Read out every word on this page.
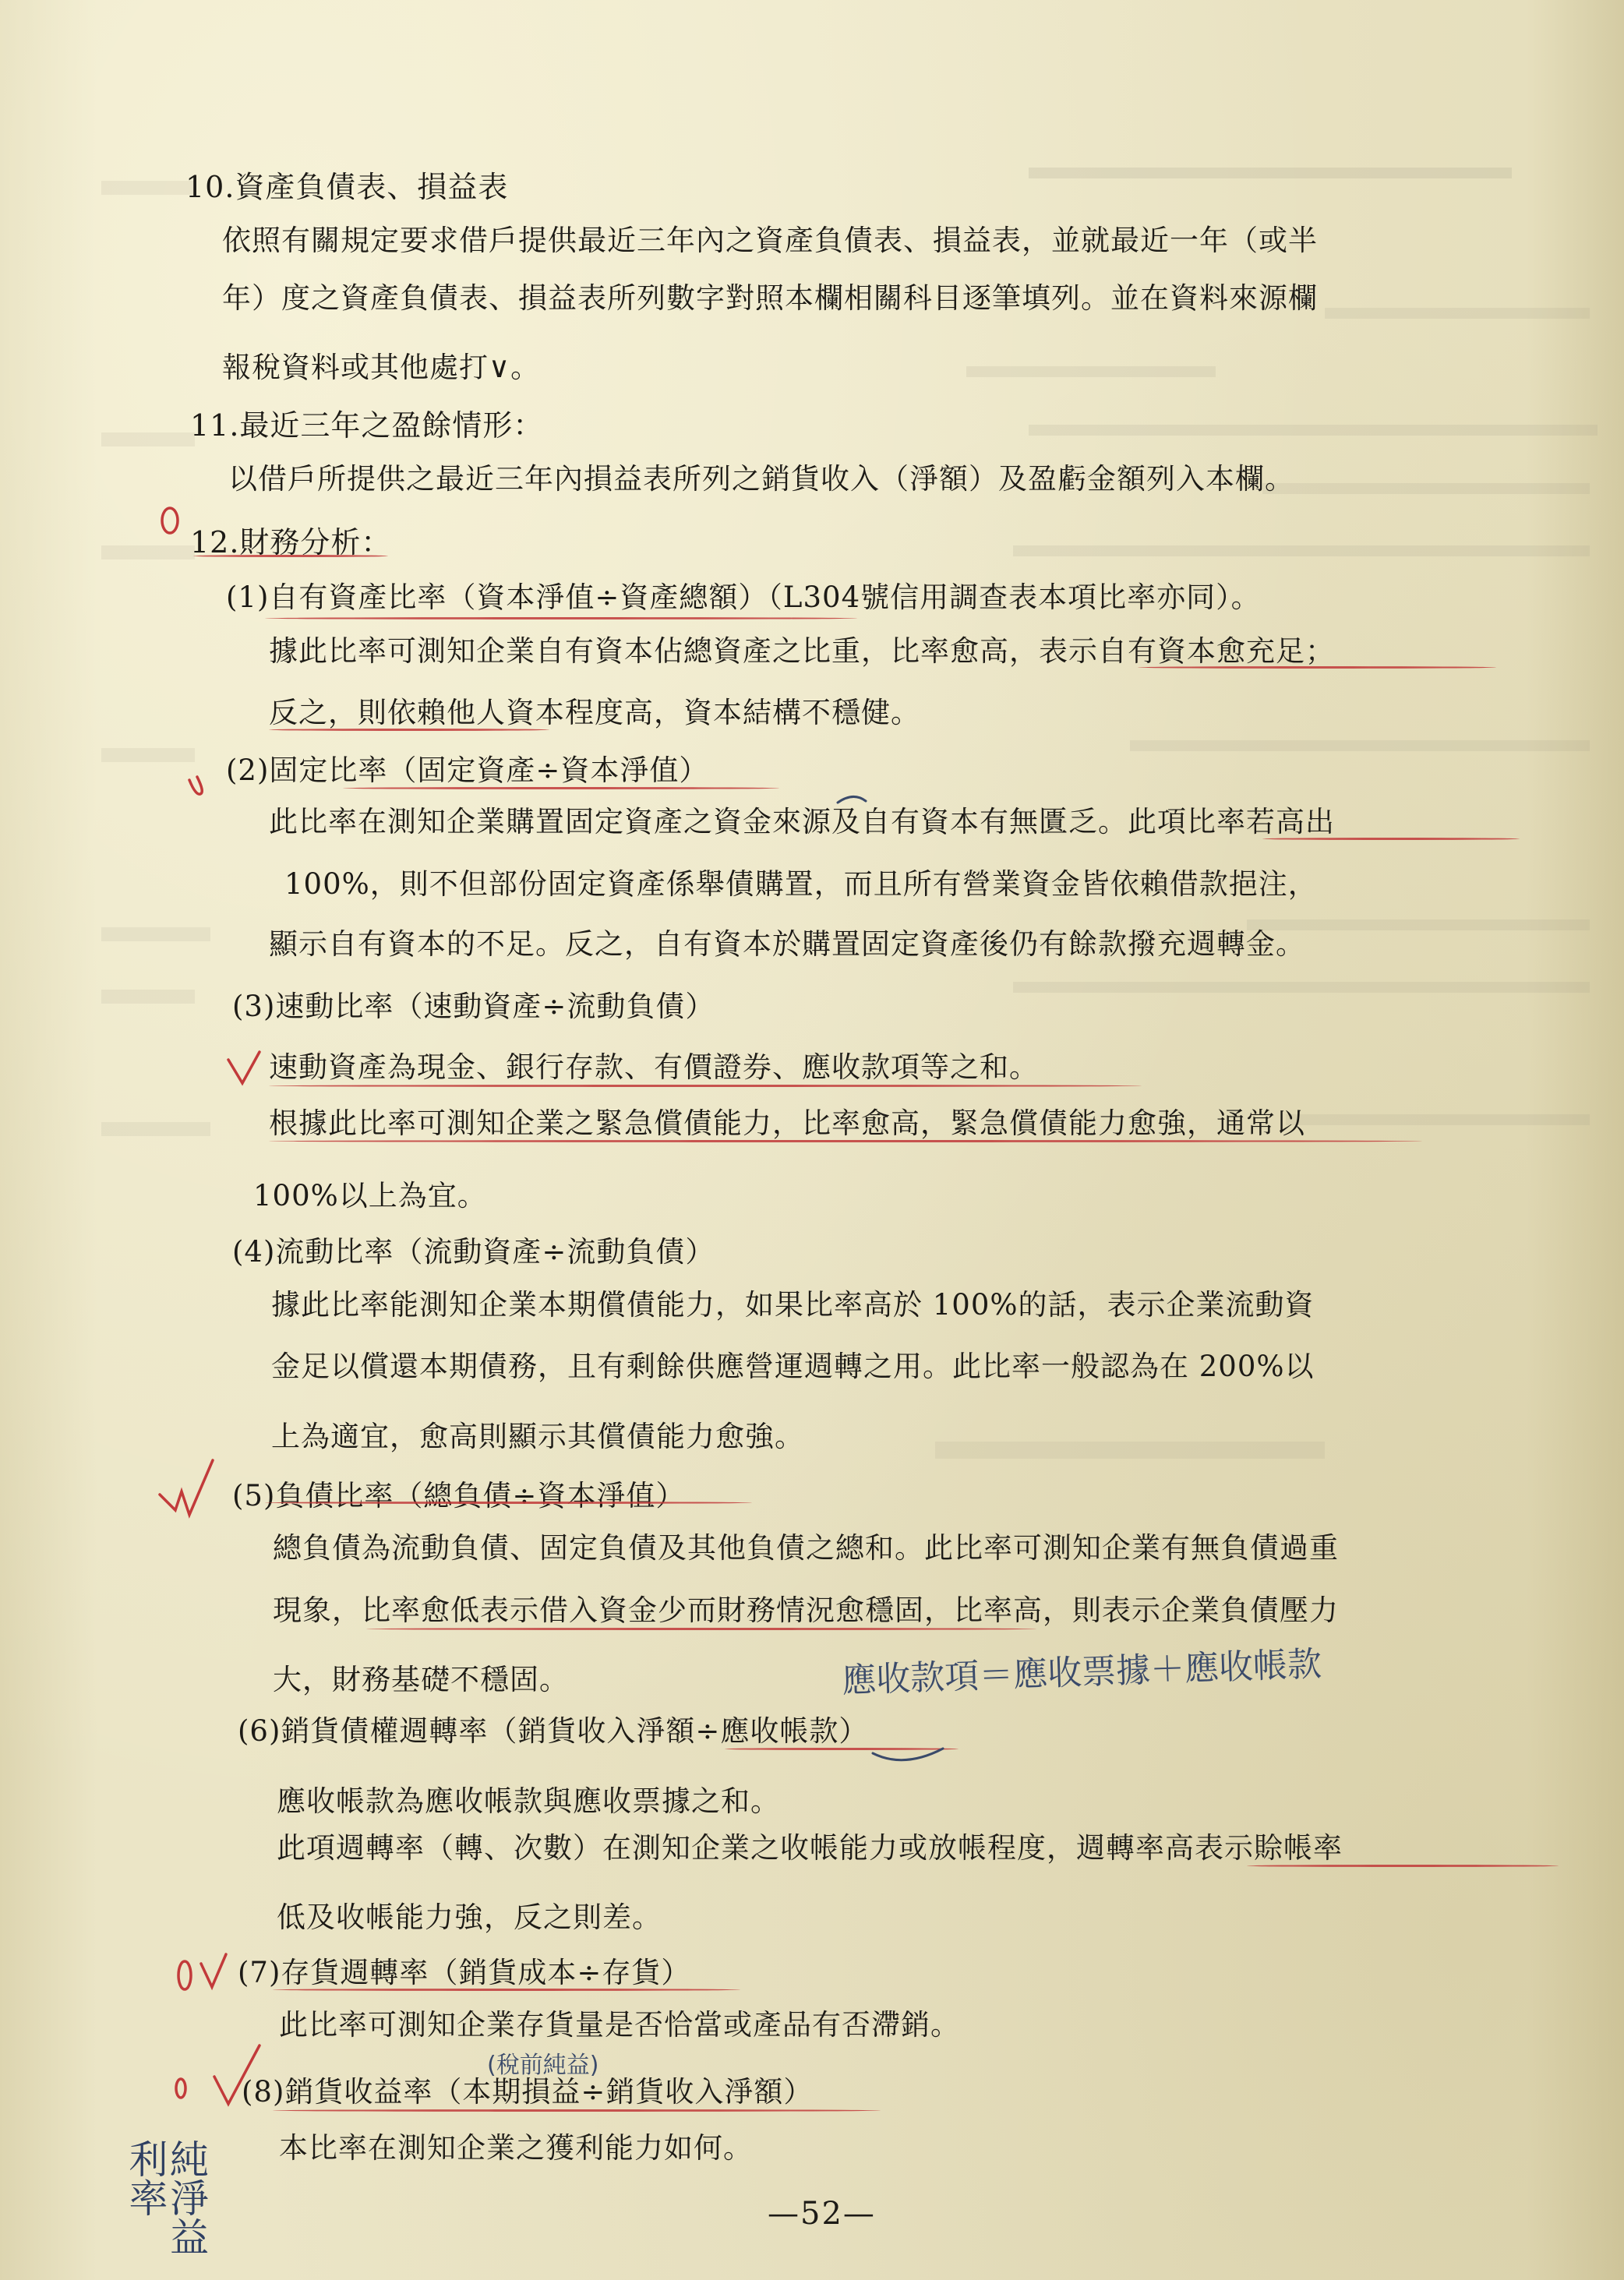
10.資產負債表、損益表
依照有關規定要求借戶提供最近三年內之資產負債表、損益表，並就最近一年（或半
年）度之資產負債表、損益表所列數字對照本欄相關科目逐筆填列。並在資料來源欄
報稅資料或其他處打∨。
11.最近三年之盈餘情形：
以借戶所提供之最近三年內損益表所列之銷貨收入（淨額）及盈虧金額列入本欄。
12.財務分析：
(1)自有資產比率（資本淨值÷資產總額）（L304號信用調查表本項比率亦同）。
據此比率可測知企業自有資本佔總資產之比重，比率愈高，表示自有資本愈充足；
反之，則依賴他人資本程度高，資本結構不穩健。
(2)固定比率（固定資產÷資本淨值）
此比率在測知企業購置固定資產之資金來源及自有資本有無匱乏。此項比率若高出
100%，則不但部份固定資產係舉債購置，而且所有營業資金皆依賴借款挹注，
顯示自有資本的不足。反之，自有資本於購置固定資產後仍有餘款撥充週轉金。
(3)速動比率（速動資產÷流動負債）
速動資產為現金、銀行存款、有價證券、應收款項等之和。
根據此比率可測知企業之緊急償債能力，比率愈高，緊急償債能力愈強，通常以
100%以上為宜。
(4)流動比率（流動資產÷流動負債）
據此比率能測知企業本期償債能力，如果比率高於 100%的話，表示企業流動資
金足以償還本期債務，且有剩餘供應營運週轉之用。此比率一般認為在 200%以
上為適宜，愈高則顯示其償債能力愈強。
(5)負債比率（總負債÷資本淨值）
總負債為流動負債、固定負債及其他負債之總和。此比率可測知企業有無負債過重
現象，比率愈低表示借入資金少而財務情況愈穩固，比率高，則表示企業負債壓力
大，財務基礎不穩固。
(6)銷貨債權週轉率（銷貨收入淨額÷應收帳款）
應收帳款為應收帳款與應收票據之和。
此項週轉率（轉、次數）在測知企業之收帳能力或放帳程度，週轉率高表示賒帳率
低及收帳能力強，反之則差。
(7)存貨週轉率（銷貨成本÷存貨）
此比率可測知企業存貨量是否恰當或產品有否滯銷。
(8)銷貨收益率（本期損益÷銷貨收入淨額）
本比率在測知企業之獲利能力如何。
—52—
應收款項＝應收票據＋應收帳款
(稅前純益)
純淨益利率
